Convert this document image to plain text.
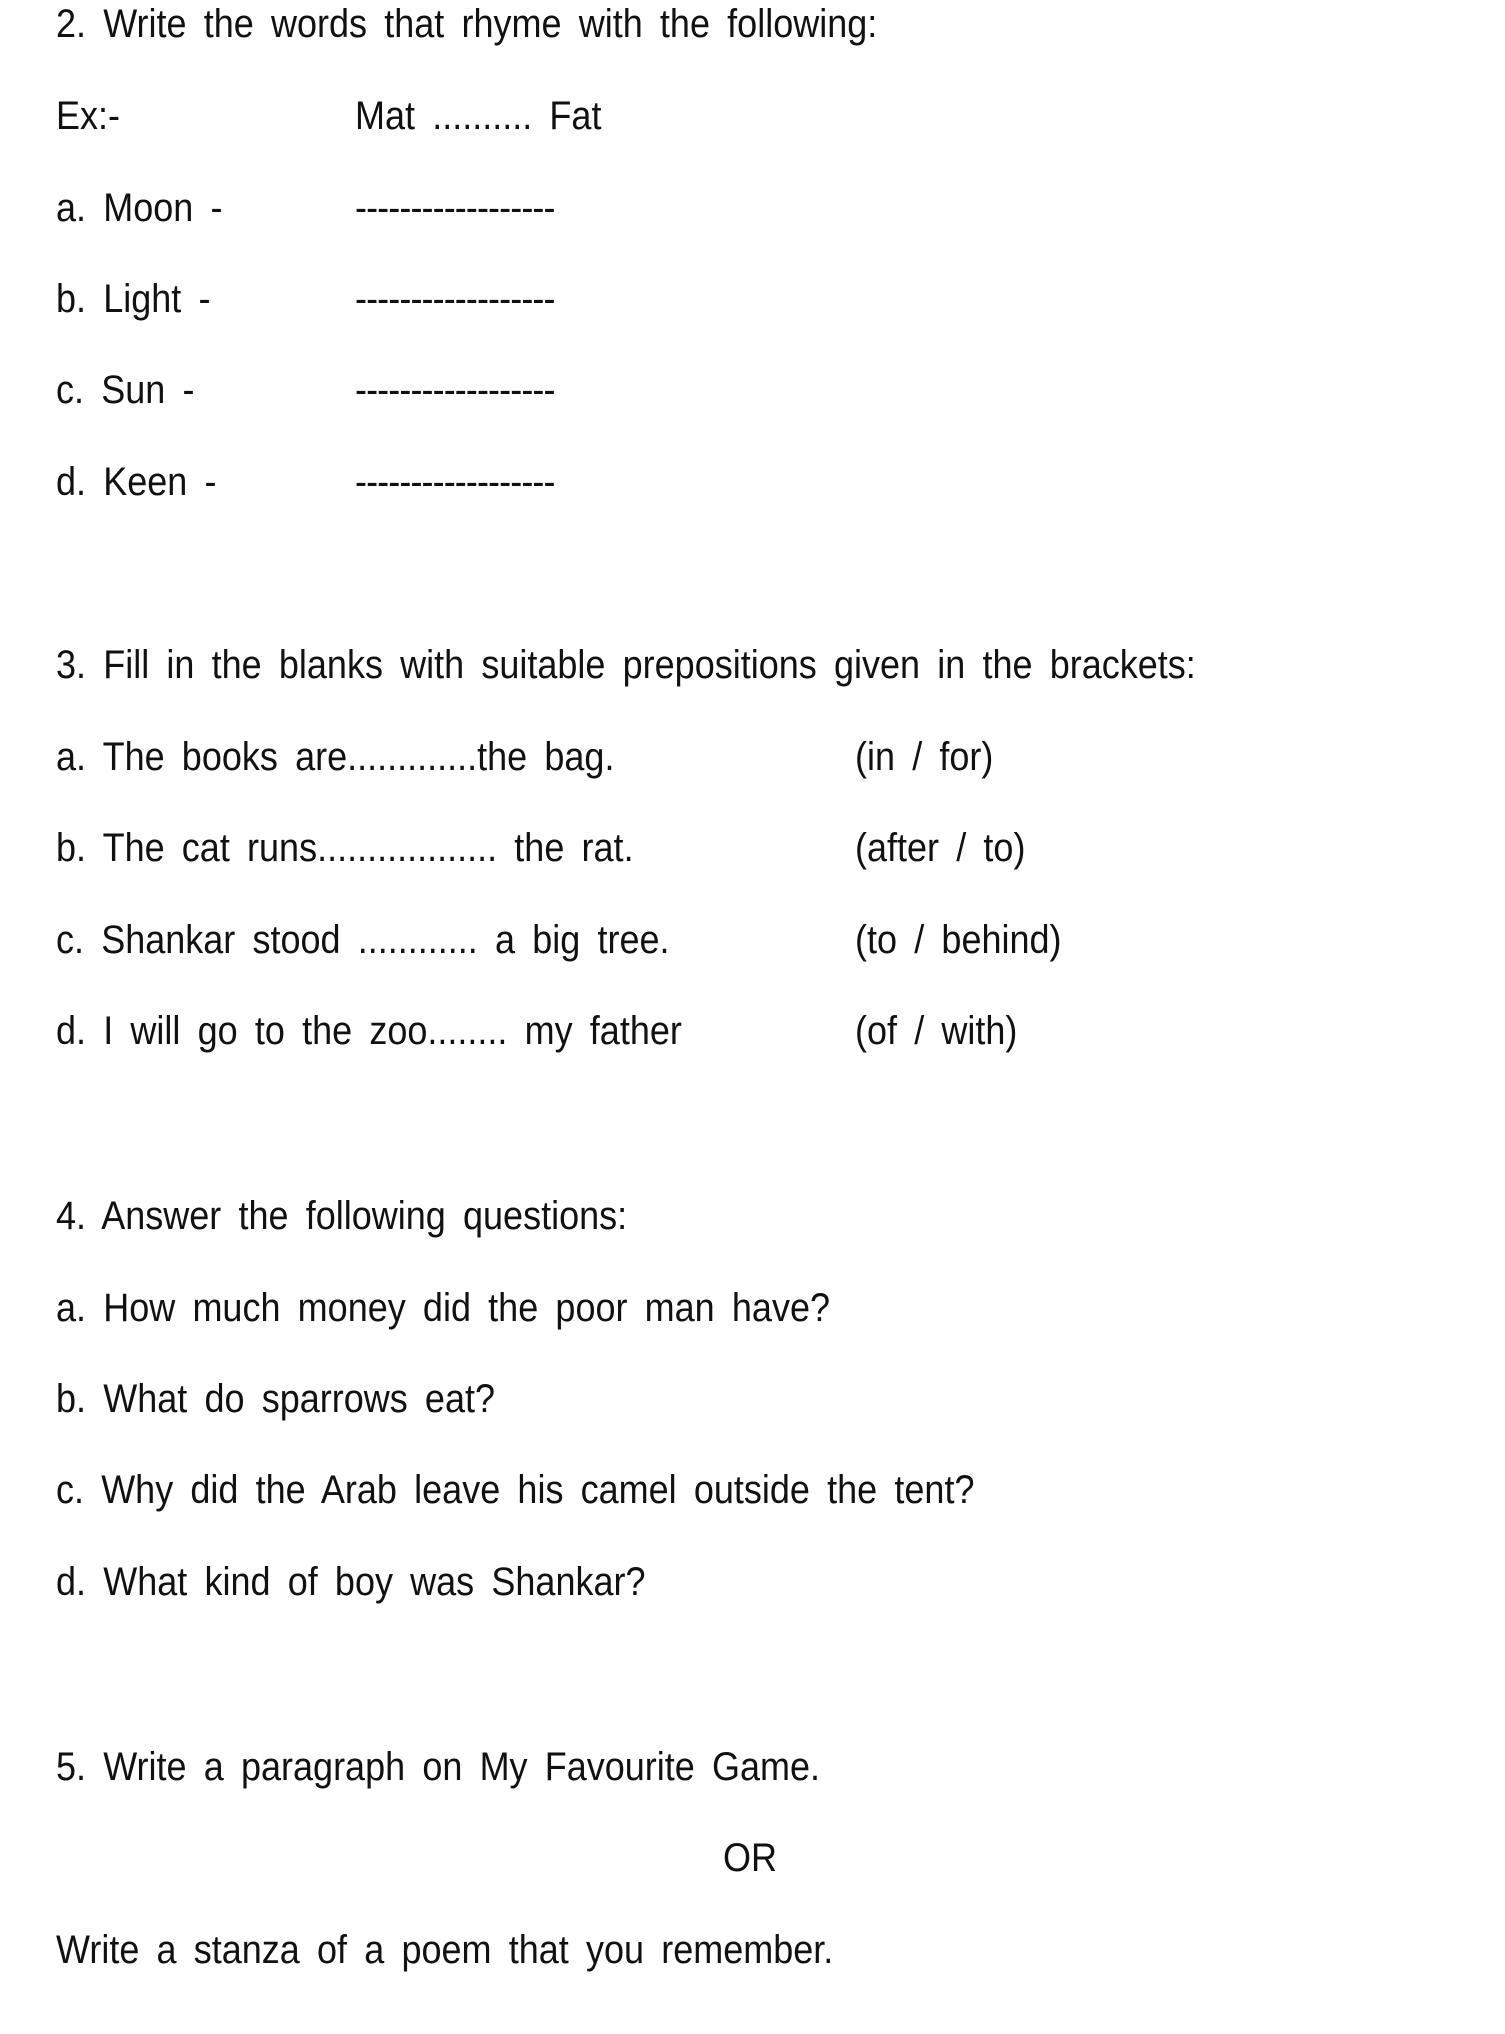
2. Write the words that rhyme with the following:
Ex:-	Mat .......... Fat
a. Moon -	------------------
b. Light -	------------------
c. Sun -	------------------
d. Keen -	------------------
3. Fill in the blanks with suitable prepositions given in the brackets:
a. The books are.............the bag.	(in / for)
b. The cat runs.................. the rat.	(after / to)
c. Shankar stood ............ a big tree.	(to / behind)
d. I will go to the zoo........ my father	(of / with)
4. Answer the following questions:
a. How much money did the poor man have?
b. What do sparrows eat?
c. Why did the Arab leave his camel outside the tent?
d. What kind of boy was Shankar?
5. Write a paragraph on My Favourite Game.
OR
Write a stanza of a poem that you remember.
